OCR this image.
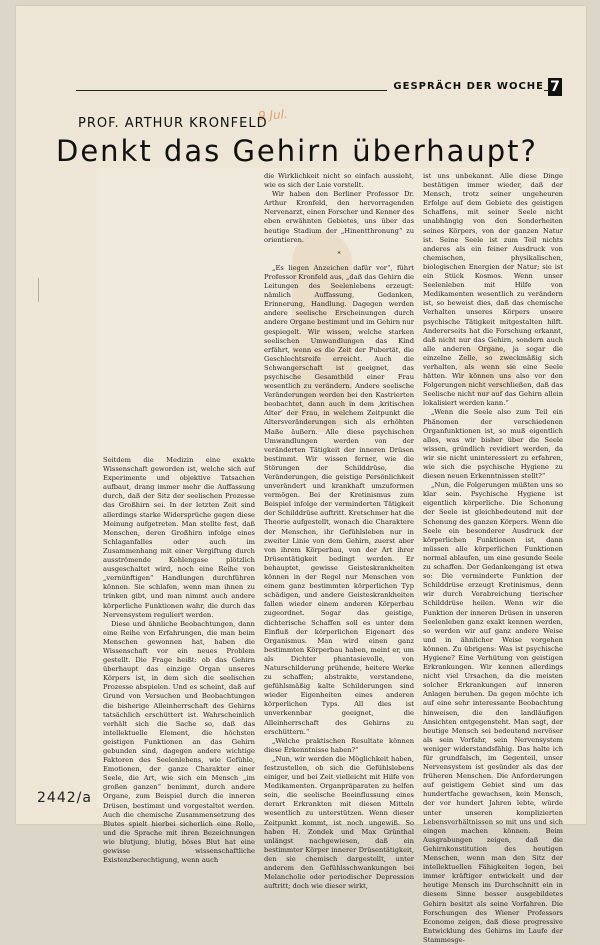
GESPRÄCH DER WOCHE 7
9 Jul.
PROF. ARTHUR KRONFELD
Denkt das Gehirn überhaupt?

Seitdem die Medizin eine exakte Wissenschaft geworden ist, welche sich auf Experimente und objektive Tatsachen aufbaut, drang immer mehr die Auffassung durch, daß der Sitz der seelischen Prozesse das Großhirn sei. In der letzten Zeit sind allerdings starke Widersprüche gegen diese Meinung aufgetreten. Man stellte fest, daß Menschen, deren Großhirn infolge eines Schlaganfalles oder auch im Zusammenhang mit einer Vergiftung durch ausströmende Kohlengase plötzlich ausgeschaltet wird, noch eine Reihe von „vernünftigen“ Handlungen durchführen können. Sie schlafen, wenn man ihnen zu trinken gibt, und man nimmt auch andere körperliche Funktionen wahr, die durch das Nervensystem reguliert werden.

Diese und ähnliche Beobachtungen, dann eine Reihe von Erfahrungen, die man beim Menschen gewonnen hat, haben die Wissenschaft vor ein neues Problem gestellt. Die Frage heißt: ob das Gehirn überhaupt das einzige Organ unseres Körpers ist, in dem sich die seelischen Prozesse abspielen. Und es scheint, daß auf Grund von Versuchen und Beobachtungen die bisherige Alleinherrschaft des Gehirns tatsächlich erschüttert ist. Wahrscheinlich verhält sich die Sache so, daß das intellektuelle Element, die höchsten geistigen Funktionen an das Gehirn gebunden sind, dagegen andere wichtige Faktoren des Seelenlebens, wie Gefühle, Emotionen, der ganze Charakter einer Seele, die Art, wie sich ein Mensch „im großen ganzen“ benimmt, durch andere Organe, zum Beispiel durch die inneren Drüsen, bestimmt und vorgestaltet werden. Auch die chemische Zusammensetzung des Blutes spielt hierbei sicherlich eine Rolle, und die Sprache mit ihren Bezeichnungen wie blutjung, blutig, böses Blut hat eine gewisse wissenschaftliche Existenzberechtigung, wenn auch

die Wirklichkeit nicht so einfach aussieht, wie es sich der Laie vorstellt.

Wir haben den Berliner Professor Dr. Arthur Kronfeld, den hervorragenden Nervenarzt, einen Forscher und Kenner des eben erwähnten Gebietes, uns über das heutige Stadium der „Hinentthronung“ zu orientieren.

*

„Es liegen Anzeichen dafür vor“, führt Professor Kronfeld aus, „daß das Gehirn die Leitungen des Seelenlebens erzeugt: nämlich Auffassung, Gedanken, Erinnerung, Handlung. Dagegen werden andere seelische Erscheinungen durch andere Organe bestimmt und im Gehirn nur gespiegelt. Wir wissen, welche starken seelischen Umwandlungen das Kind erfährt, wenn es die Zeit der Pubertät, die Geschlechtsreife erreicht. Auch die Schwangerschaft ist geeignet, das psychische Gesamtbild einer Frau wesentlich zu verändern. Andere seelische Veränderungen werden bei den Kastrierten beobachtet, dann auch in dem ‚kritischen Alter‘ der Frau, in welchem Zeitpunkt die Altersveränderungen sich als erhöhten Maße äußern. Alle diese psychischen Umwandlungen werden von der veränderten Tätigkeit der inneren Drüsen bestimmt. Wir wissen ferner, wie die Störungen der Schilddrüse, die Veränderungen, die geistige Persönlichkeit unverändert und krankhaft umzuformen vermögen. Bei der Kretinismus zum Beispiel infolge der verminderten Tätigkeit der Schilddrüse auftritt. Kretschmer hat die Theorie aufgestellt, wonach die Charaktere der Menschen, ihr Gefühlsleben nur in zweiter Linie von dem Gehirn, zuerst aber von ihrem Körperbau, von der Art ihrer Drüsentätigkeit bedingt werden. Er behauptet, gewisse Geisteskrankheiten können in der Regel nur Menschen von einem ganz bestimmten körperlichen Typ schädigen, und andere Geisteskrankheiten fallen wieder einem anderen Körperbau zugeordnet. Sogar das geistige, dichterische Schaffen soll es unter dem Einfluß der körperlichen Eigenart des Organismus. Man wird einen ganz bestimmten Körperbau haben, meint er, um als Dichter phantasievolle, von Naturschilderung prühende, heitere Werke zu schaffen; abstrakte, verstandene, gefühlsmäßig kalte Schilderungen sind wieder Eigenheiten eines anderen körperlichen Typs. All dies ist unverkennbar geeignet, die Alleinherrschaft des Gehirns zu erschüttern.“

„Welche praktischen Resultate können diese Erkenntnisse haben?“

„Nun, wir werden die Möglichkeit haben, festzustellen, ob sich die Gefühlslebens einiger, und bei Zeit vielleicht mit Hilfe von Medikamenten. Organpräparaten zu helfen sein, die seelische Beeinflussung eines derart Erkrankten mit diesen Mitteln wesentlich zu unterstützen. Wenn dieser Zeitpunkt kommt, ist noch ungewiß. So haben H. Zondek und Max Grünthal unlängst nachgewiesen, daß ein bestimmter Körper innerer Drüsentätigkeit, den sie chemisch dargestellt, unter anderem den Gefühlsschwankungen bei Melancholie oder periodischer Depression auftritt; doch wie dieser wirkt,

ist uns unbekannt. Alle diese Dinge bestätigen immer wieder, daß der Mensch, trotz seiner ungeheuren Erfolge auf dem Gebiete des geistigen Schaffens, mit seiner Seele nicht unabhängig von den Sonderheiten seines Körpers, von der ganzen Natur ist. Seine Seele ist zum Teil nichts anderes als ein feiner Ausdruck von chemischen, physikalischen, biologischen Energien der Natur; sie ist ein Stück Kosmos. Wenn unser Seelenleben mit Hilfe von Medikamenten wesentlich zu verändern ist, so beweist dies, daß das chemische Verhalten unseres Körpers unsere psychische Tätigkeit mitgestalten hilft. Andererseits hat die Forschung erkannt, daß nicht nur das Gehirn, sondern auch alle anderen Organe, ja sogar die einzelne Zelle, so zweckmäßig sich verhalten, als wenn sie eine Seele hätten. Wir können uns also vor den Folgerungen nicht verschließen, daß das Seelische nicht nur auf das Gehirn allein lokalisiert werden kann.“

„Wenn die Seele also zum Teil ein Phänomen der verschiedenen Organfunktionen ist, so muß eigentlich alles, was wir bisher über die Seele wissen, gründlich revidiert werden, da wir sie nicht uninteressiert zu erfahren, wie sich die psychische Hygiene zu diesen neuen Erkenntnissen stellt?“

„Nun, die Folgerungen müßten uns so klar sein. Psychische Hygiene ist eigentlich körperliche. Die Schonung der Seele ist gleichbedeutend mit der Schonung des ganzen Körpers. Wenn die Seele ein besonderer Ausdruck der körperlichen Funktionen ist, dann müssen alle körperlichen Funktionen normal ablaufen, um eine gesunde Seele zu schaffen. Der Gedankengang ist etwa so: Die verminderte Funktion der Schilddrüse erzeugt Kretinismus, denn wir durch Verabreichung tierischer Schilddrüse heilen. Wenn wir die Funktion der inneren Drüsen in unseren Seelenleben ganz exakt kennen werden, so werden wir auf ganz andere Weise und in ähnlicher Weise vorgehen können. Zu übrigens: Was ist psychische Hygiene? Eine Verhütung von geistigen Erkrankungen. Wir kennen allerdings nicht viel Ursachen, da die meisten solcher Erkrankungen auf inneren Anlagen beruhen. Da gegen möchte ich auf eine sehr interessante Beobachtung hinweisen, die den landläufigen Ansichten entgegensteht. Man sagt, der heutige Mensch sei bedeutend nervöser als sein Vorfahr, sein Nervensystem weniger widerstandsfähig. Das halte ich für grundfalsch, im Gegenteil, unser Nervensystem ist gesünder als das der früheren Menschen. Die Anforderungen auf geistigem Gebiet sind um das hundertfache gewachsen, kein Mensch, der vor hundert Jahren lebte, würde unter unseren komplizierten Lebensverhältnissen so mit uns und sich eingen machen können. Beim Ausgrabungen zeigen, daß die Gehirnkonstitution des heutigen Menschen, wenn man den Sitz der intellektuellen Fähigkeiten legen, bei immer kräftiger entwickelt und der heutige Mensch im Durchschnitt ein in diesem Sinne besser ausgebildetes Gehirn besitzt als seine Vorfahren. Die Forschungen des Wiener Professors Economo zeigen, daß diese progressive Entwicklung des Gehirns im Laufe der Stammesge-

2442/a
